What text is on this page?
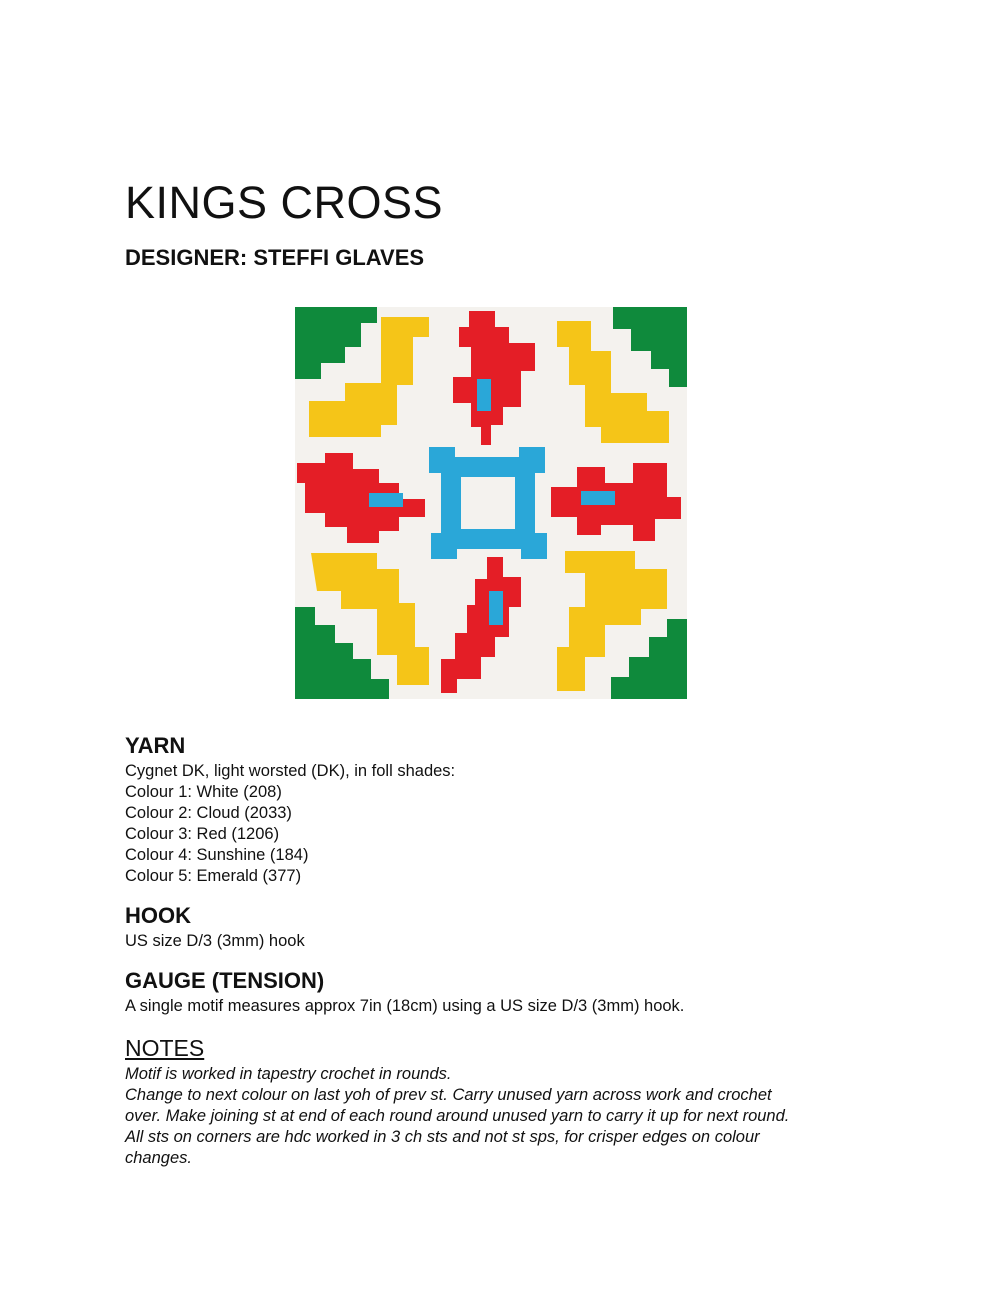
KINGS CROSS
DESIGNER: STEFFI GLAVES
YARN

Cygnet DK, light worsted (DK), in foll shades:

Colour 1: White (208)

Colour 2: Cloud (2033)

Colour 3: Red (1206)

Colour 4: Sunshine (184)

Colour 5: Emerald (377)

HOOK

US size D/3 (3mm) hook

GAUGE (TENSION)

A single motif measures approx 7in (18cm) using a US size D/3 (3mm) hook.

NOTES

Motif is worked in tapestry crochet in rounds.

Change to next colour on last yoh of prev st. Carry unused yarn across work and crochet

over. Make joining st at end of each round around unused yarn to carry it up for next round.

All sts on corners are hdc worked in 3 ch sts and not st sps, for crisper edges on colour

changes.
